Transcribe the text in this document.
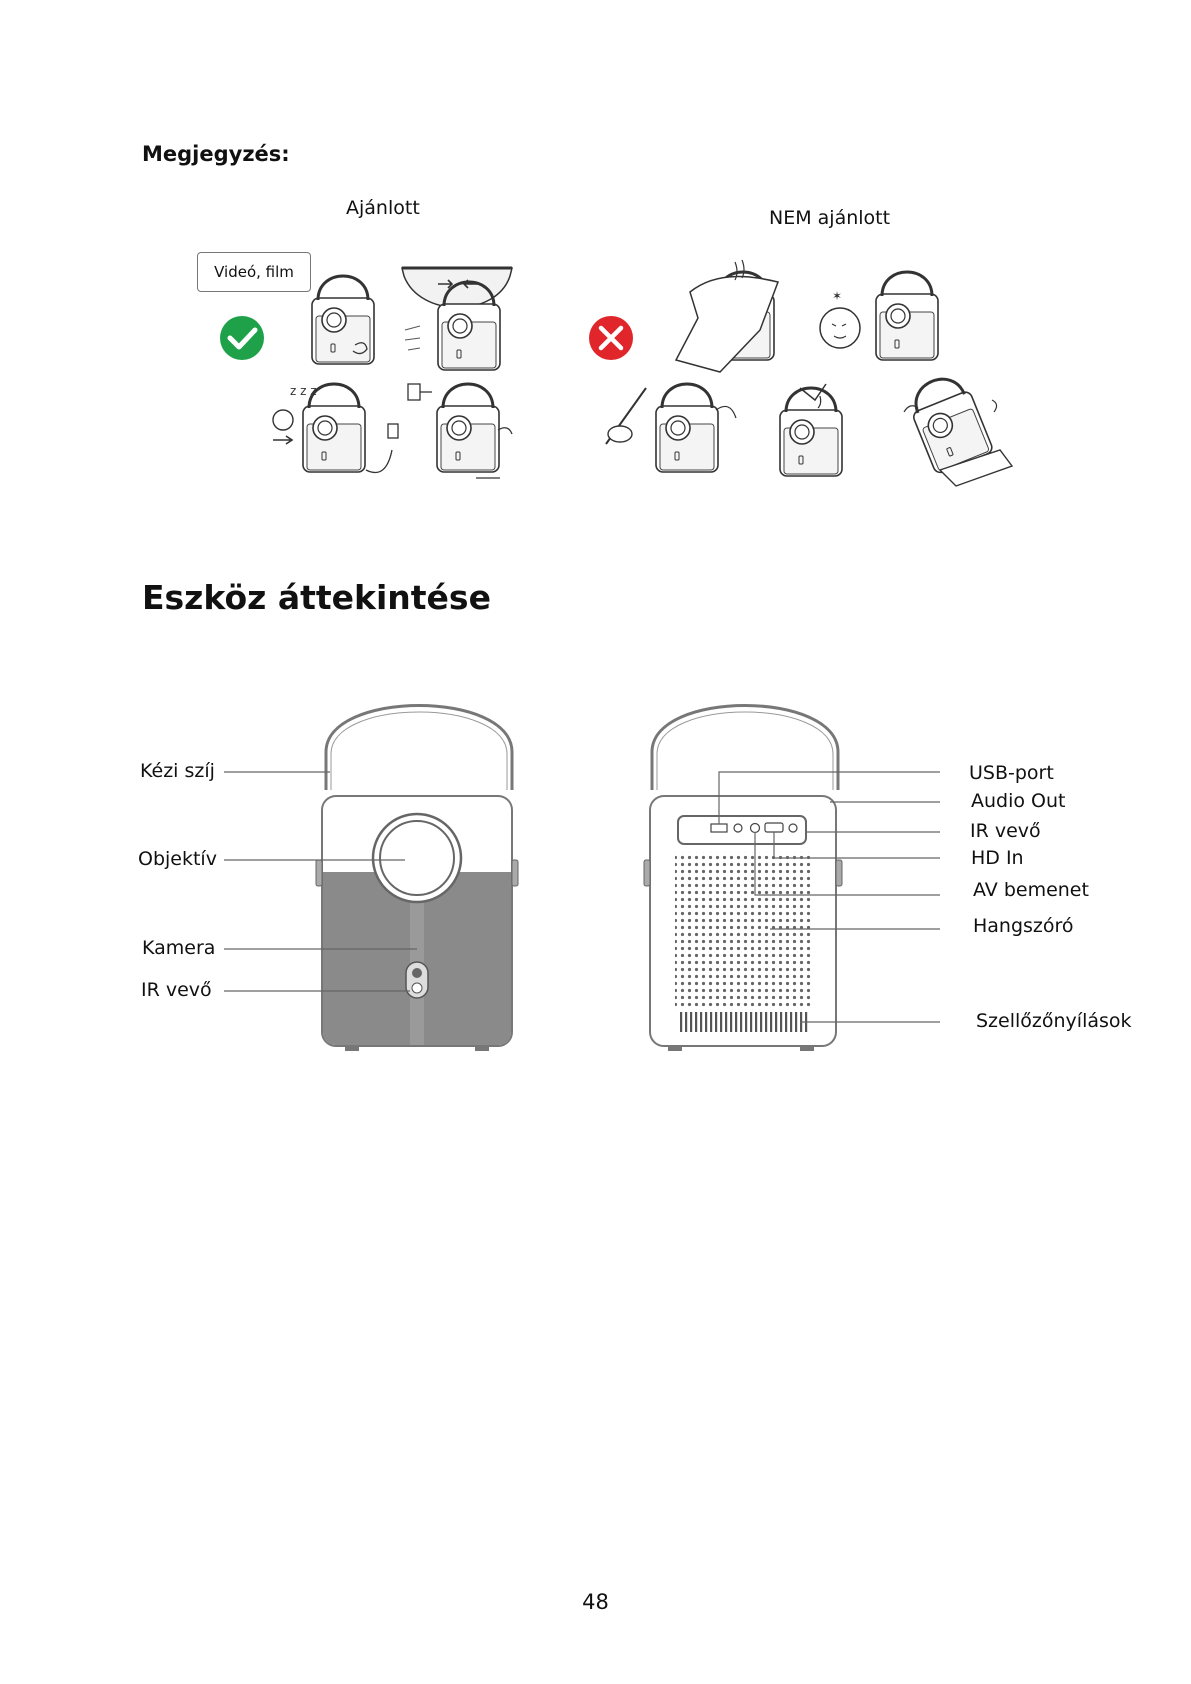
z z z
✶
Megjegyzés:
Ajánlott	NEM ajánlott
Videó, film
Eszköz áttekintése
Kézi szíj
Objektív
Kamera
IR vevő
USB-port
Audio Out
IR vevő
HD In
AV bemenet
Hangszóró
Szellőzőnyílások
48
